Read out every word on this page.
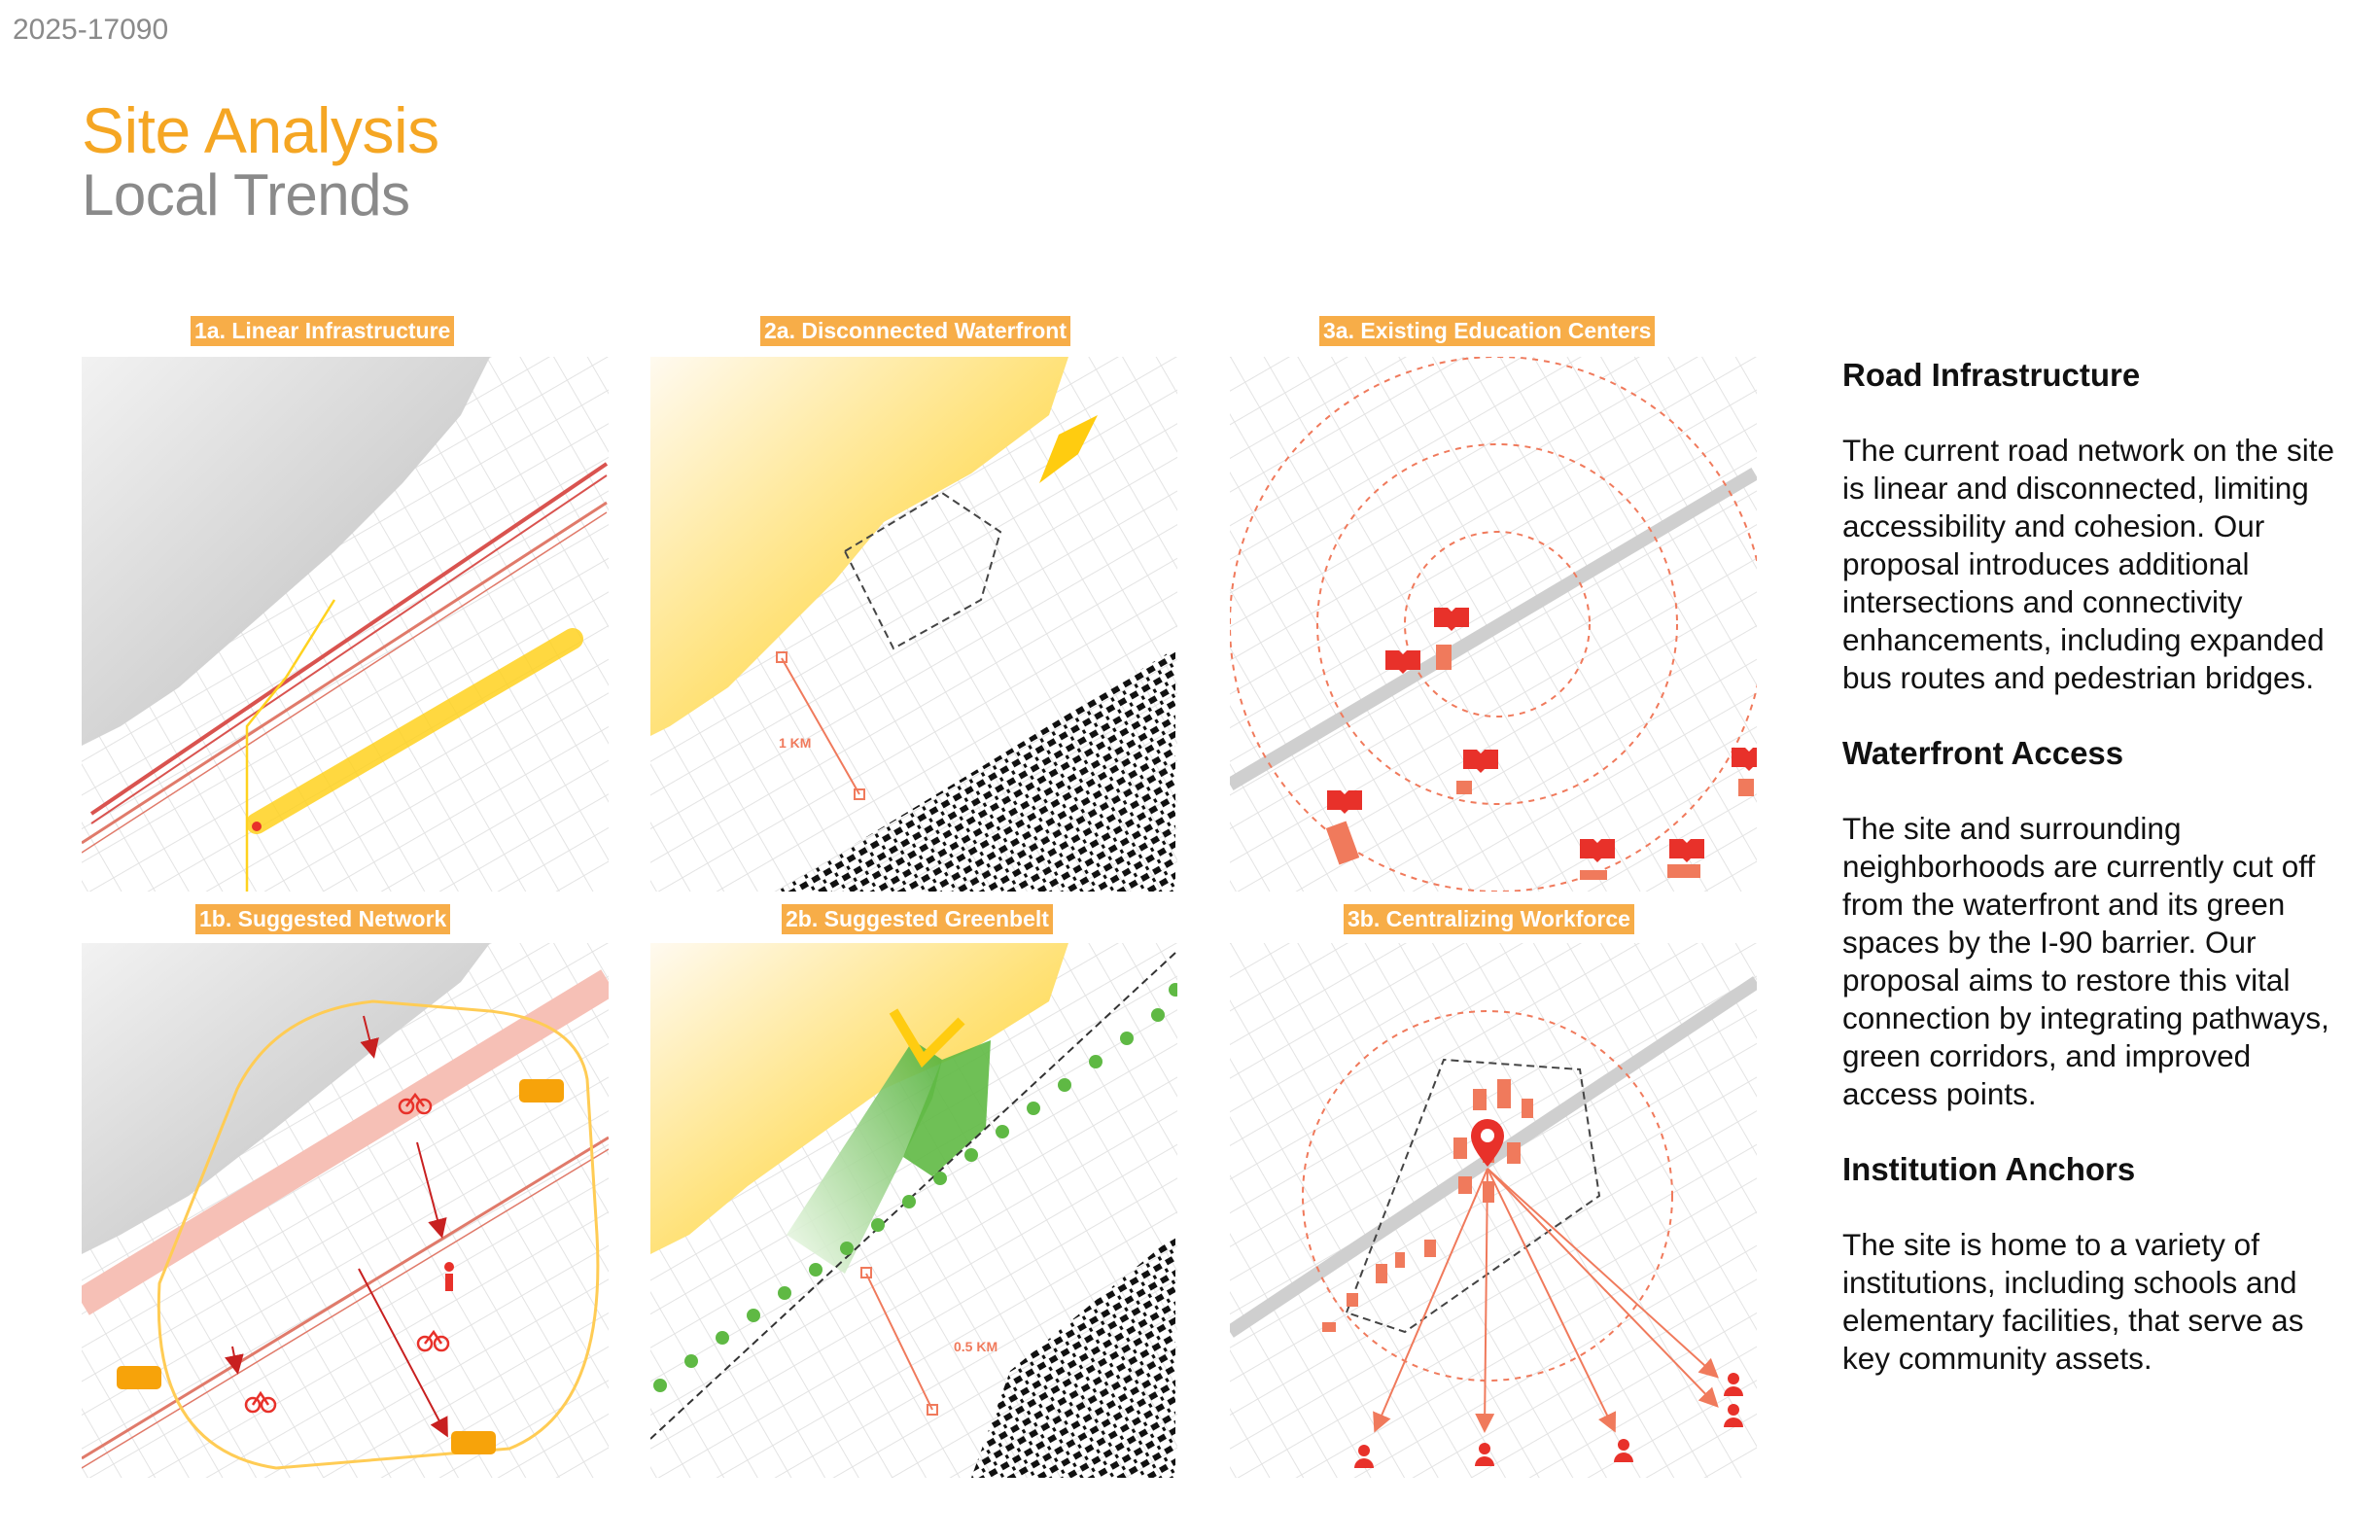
2025-17090
Site Analysis
Local Trends
1a. Linear Infrastructure	2a. Disconnected Waterfront	3a. Existing Education Centers
1b. Suggested Network	2b. Suggested Greenbelt	3b. Centralizing Workforce
1 KM
0.5 KM
Road Infrastructure

The current road network on the site is linear and disconnected, limiting accessibility and cohesion. Our proposal introduces additional intersections and connectivity enhancements, including expanded bus routes and pedestrian bridges.

Waterfront Access

The site and surrounding neighborhoods are currently cut off from the waterfront and its green spaces by the I-90 barrier. Our proposal aims to restore this vital connection by integrating pathways, green corridors, and improved access points.

Institution Anchors

The site is home to a variety of institutions, including schools and elementary facilities, that serve as key community assets.
